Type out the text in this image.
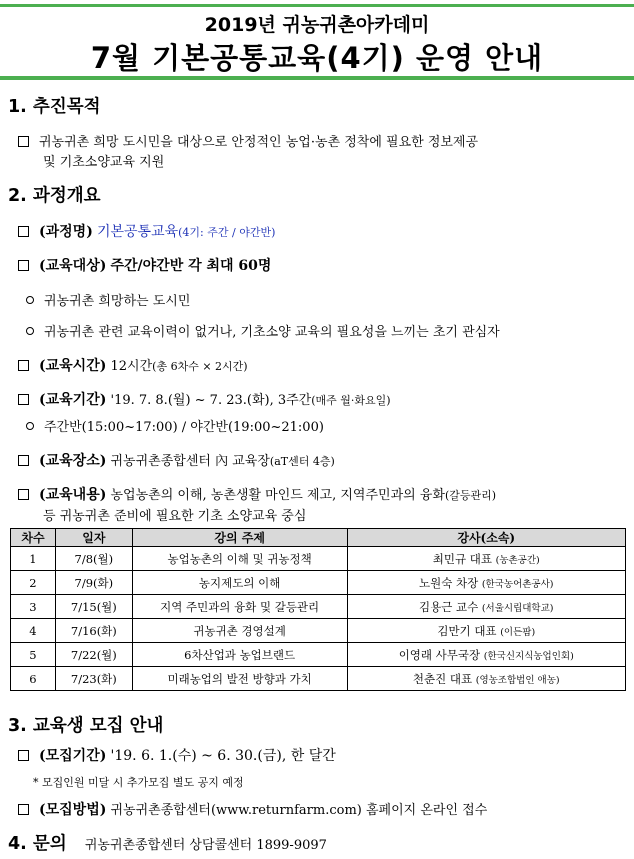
2019년 귀농귀촌아카데미
7월 기본공통교육(4기) 운영 안내
1. 추진목적
귀농귀촌 희망 도시민을 대상으로 안정적인 농업·농촌 정착에 필요한 정보제공
및 기초소양교육 지원
2. 과정개요
(과정명) 기본공통교육(4기: 주간 / 야간반)
(교육대상) 주간/야간반 각 최대 60명
귀농귀촌 희망하는 도시민
귀농귀촌 관련 교육이력이 없거나, 기초소양 교육의 필요성을 느끼는 초기 관심자
(교육시간) 12시간(총 6차수 × 2시간)
(교육기간) '19. 7. 8.(월) ~ 7. 23.(화), 3주간(매주 월·화요일)
주간반(15:00~17:00) / 야간반(19:00~21:00)
(교육장소) 귀농귀촌종합센터 內 교육장(aT센터 4층)
(교육내용) 농업농촌의 이해, 농촌생활 마인드 제고, 지역주민과의 융화(갈등관리)
등 귀농귀촌 준비에 필요한 기초 소양교육 중심
차수	일자	강의 주제	강사(소속)
1	7/8(월)	농업농촌의 이해 및 귀농정책	최민규 대표 (농촌공간)
2	7/9(화)	농지제도의 이해	노원숙 차장 (한국농어촌공사)
3	7/15(월)	지역 주민과의 융화 및 갈등관리	김용근 교수 (서울시립대학교)
4	7/16(화)	귀농귀촌 경영설계	김만기 대표 (이든팜)
5	7/22(월)	6차산업과 농업브랜드	이영래 사무국장 (한국신지식농업인회)
6	7/23(화)	미래농업의 발전 방향과 가치	천춘진 대표 (영농조합법인 애농)
3. 교육생 모집 안내
(모집기간) '19. 6. 1.(수) ~ 6. 30.(금), 한 달간
* 모집인원 미달 시 추가모집 별도 공지 예정
(모집방법) 귀농귀촌종합센터(www.returnfarm.com) 홈페이지 온라인 접수
4. 문의 귀농귀촌종합센터 상담콜센터 1899-9097
